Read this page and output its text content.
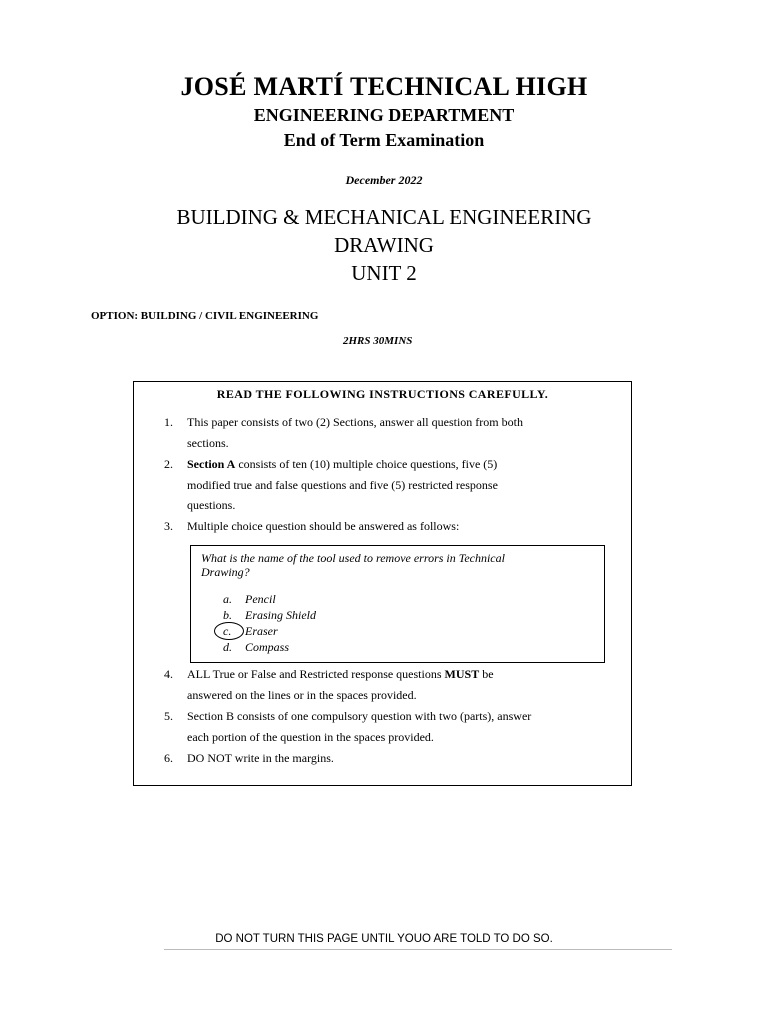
JOSÉ MARTÍ TECHNICAL HIGH
ENGINEERING DEPARTMENT
End of Term Examination
December 2022
BUILDING & MECHANICAL ENGINEERING
DRAWING
UNIT 2
OPTION: BUILDING / CIVIL ENGINEERING
2HRS 30MINS
READ THE FOLLOWING INSTRUCTIONS CAREFULLY.
1.	This paper consists of two (2) Sections, answer all question from both
sections.
2.	Section A consists of ten (10) multiple choice questions, five (5)
modified true and false questions and five (5) restricted response
questions.
3.	Multiple choice question should be answered as follows:
What is the name of the tool used to remove errors in Technical
Drawing?
a. Pencil
b. Erasing Shield
c. Eraser
d. Compass
4.	ALL True or False and Restricted response questions MUST be
answered on the lines or in the spaces provided.
5.	Section B consists of one compulsory question with two (parts), answer
each portion of the question in the spaces provided.
6.	DO NOT write in the margins.
DO NOT TURN THIS PAGE UNTIL YOUO ARE TOLD TO DO SO.
